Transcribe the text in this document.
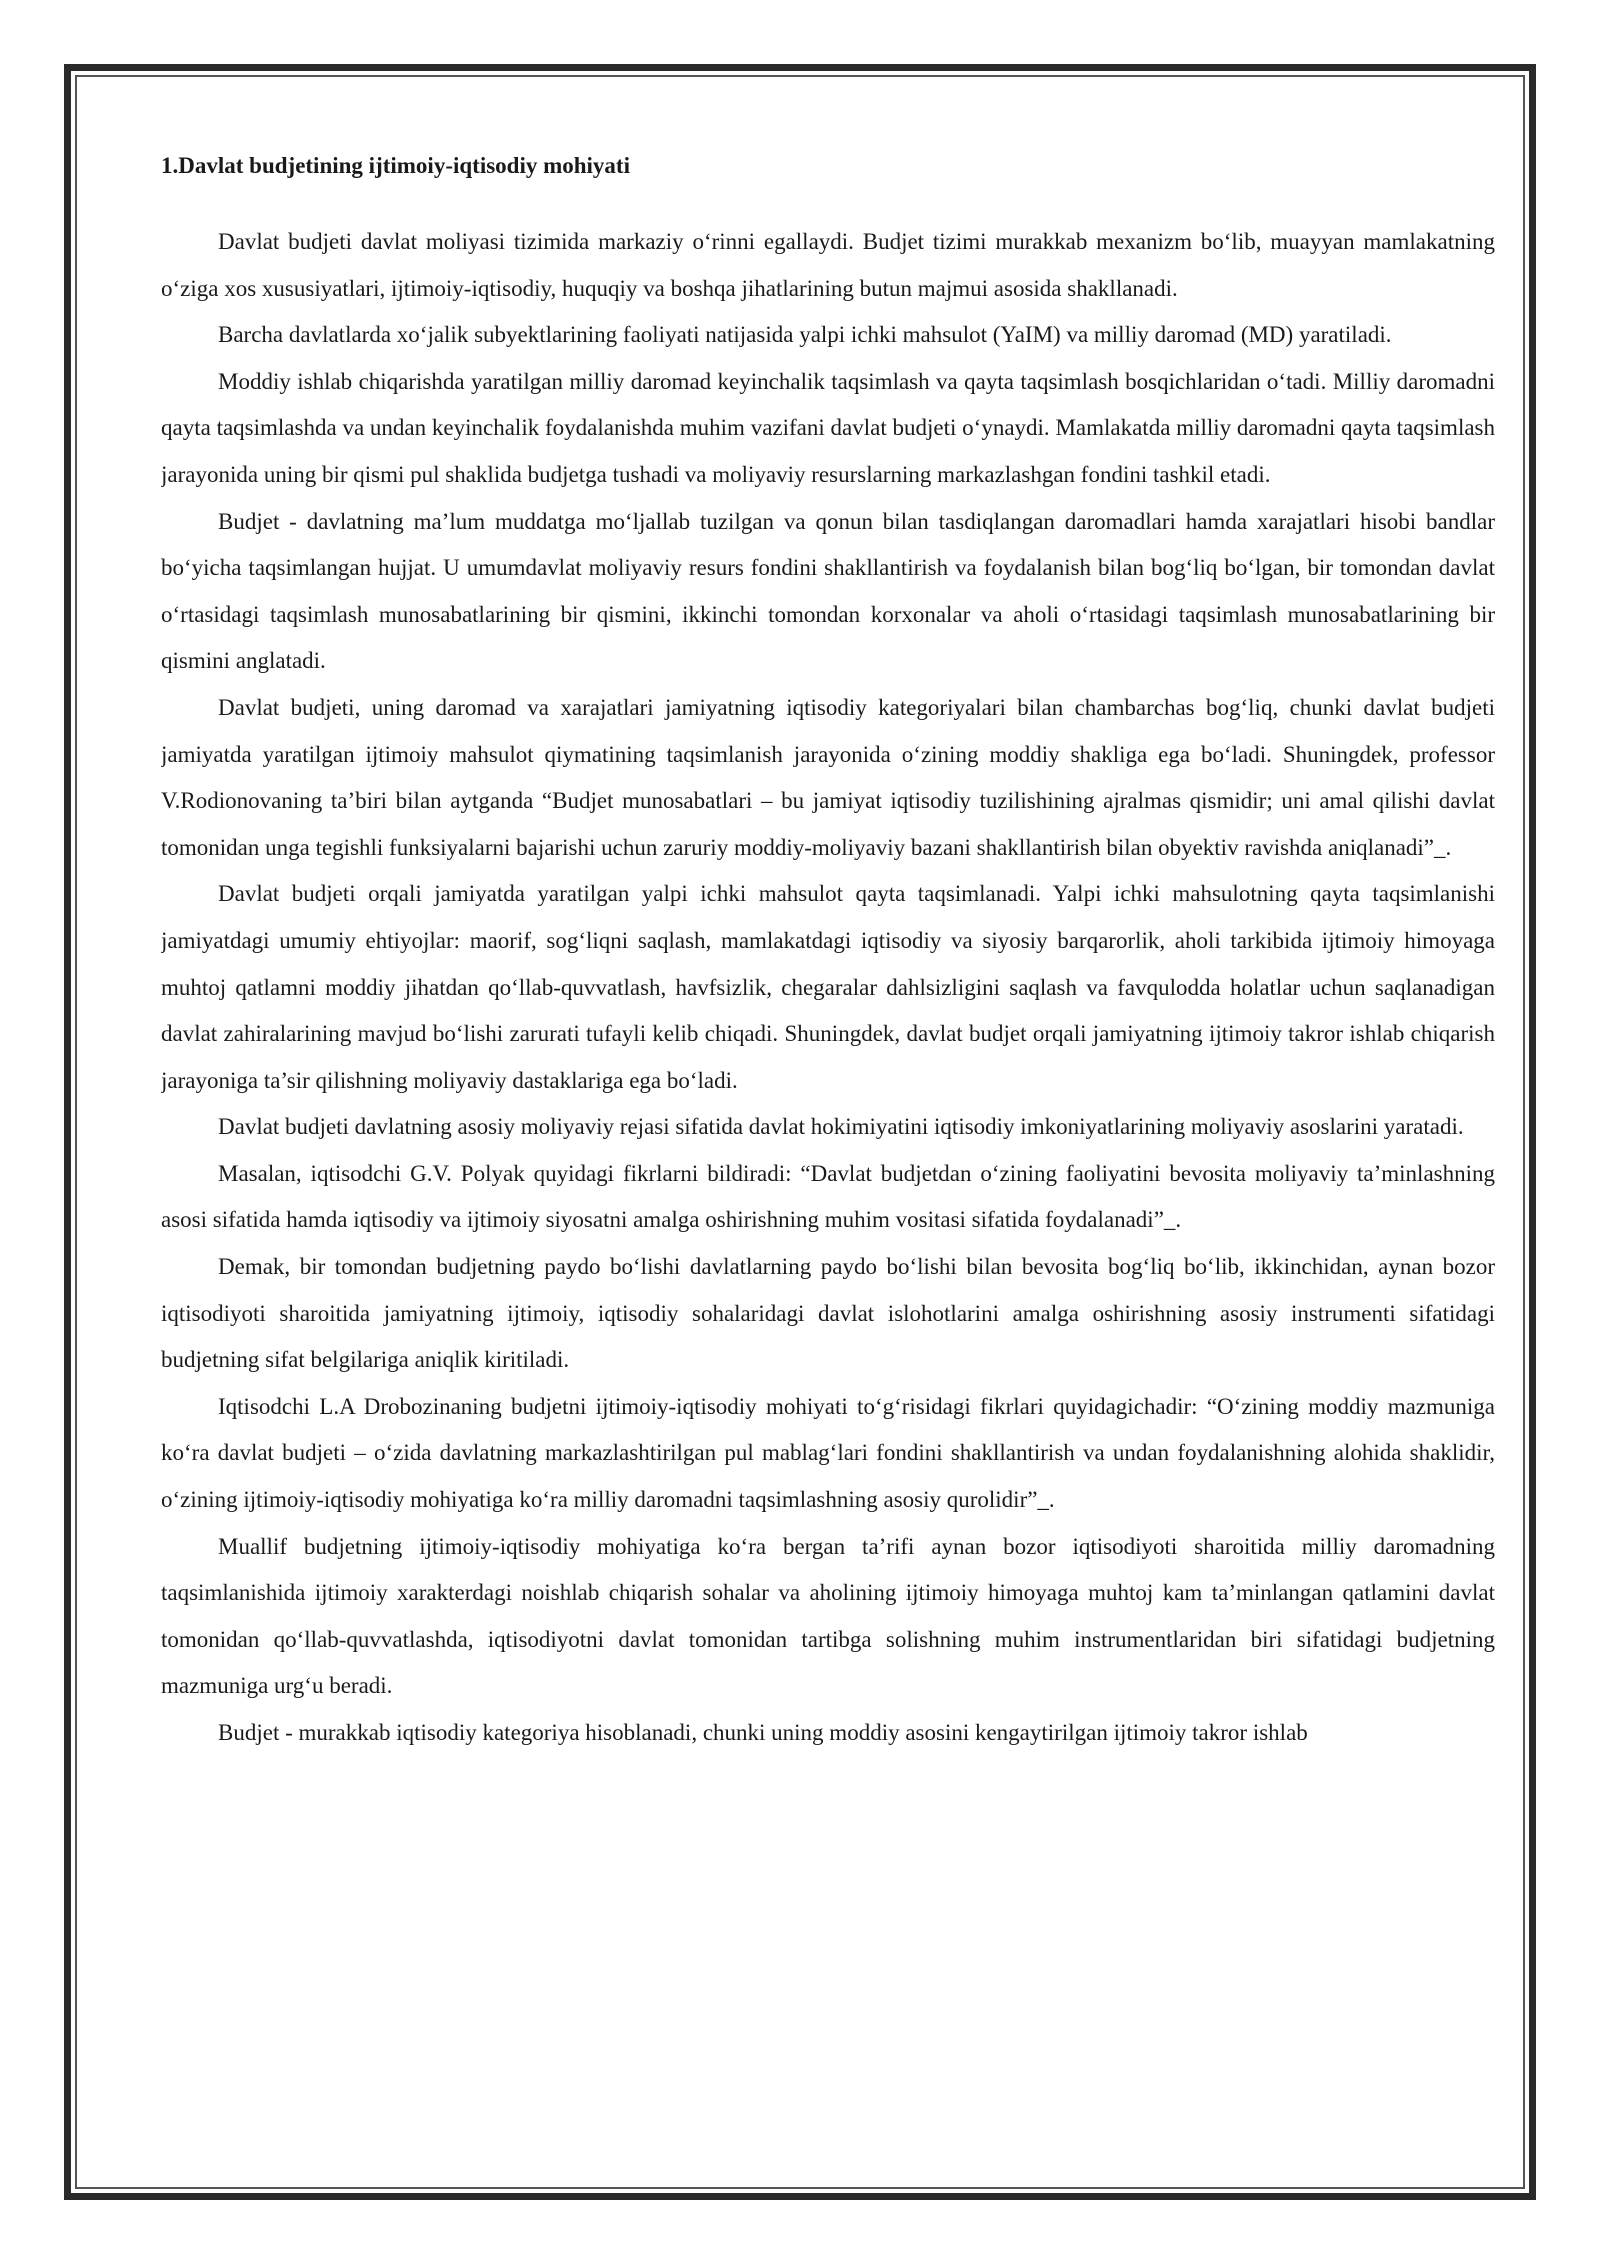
1.Davlat budjetining ijtimoiy-iqtisodiy mohiyati

Davlat budjeti davlat moliyasi tizimida markaziy o‘rinni egallaydi. Budjet tizimi murakkab mexanizm bo‘lib, muayyan mamlakatning o‘ziga xos xususiyatlari, ijtimoiy-iqtisodiy, huquqiy va boshqa jihatlarining butun majmui asosida shakllanadi.

Barcha davlatlarda xo‘jalik subyektlarining faoliyati natijasida yalpi ichki mahsulot (YaIM) va milliy daromad (MD) yaratiladi.

Moddiy ishlab chiqarishda yaratilgan milliy daromad keyinchalik taqsimlash va qayta taqsimlash bosqichlaridan o‘tadi. Milliy daromadni qayta taqsimlashda va undan keyinchalik foydalanishda muhim vazifani davlat budjeti o‘ynaydi. Mamlakatda milliy daromadni qayta taqsimlash jarayonida uning bir qismi pul shaklida budjetga tushadi va moliyaviy resurslarning markazlashgan fondini tashkil etadi.

Budjet - davlatning ma’lum muddatga mo‘ljallab tuzilgan va qonun bilan tasdiqlangan daromadlari hamda xarajatlari hisobi bandlar bo‘yicha taqsimlangan hujjat. U umumdavlat moliyaviy resurs fondini shakllantirish va foydalanish bilan bog‘liq bo‘lgan, bir tomondan davlat o‘rtasidagi taqsimlash munosabatlarining bir qismini, ikkinchi tomondan korxonalar va aholi o‘rtasidagi taqsimlash munosabatlarining bir qismini anglatadi.

Davlat budjeti, uning daromad va xarajatlari jamiyatning iqtisodiy kategoriyalari bilan chambarchas bog‘liq, chunki davlat budjeti jamiyatda yaratilgan ijtimoiy mahsulot qiymatining taqsimlanish jarayonida o‘zining moddiy shakliga ega bo‘ladi. Shuningdek, professor V.Rodionovaning ta’biri bilan aytganda “Budjet munosabatlari – bu jamiyat iqtisodiy tuzilishining ajralmas qismidir; uni amal qilishi davlat tomonidan unga tegishli funksiyalarni bajarishi uchun zaruriy moddiy-moliyaviy bazani shakllantirish bilan obyektiv ravishda aniqlanadi”_.

Davlat budjeti orqali jamiyatda yaratilgan yalpi ichki mahsulot qayta taqsimlanadi. Yalpi ichki mahsulotning qayta taqsimlanishi jamiyatdagi umumiy ehtiyojlar: maorif, sog‘liqni saqlash, mamlakatdagi iqtisodiy va siyosiy barqarorlik, aholi tarkibida ijtimoiy himoyaga muhtoj qatlamni moddiy jihatdan qo‘llab-quvvatlash, havfsizlik, chegaralar dahlsizligini saqlash va favqulodda holatlar uchun saqlanadigan davlat zahiralarining mavjud bo‘lishi zarurati tufayli kelib chiqadi. Shuningdek, davlat budjet orqali jamiyatning ijtimoiy takror ishlab chiqarish jarayoniga ta’sir qilishning moliyaviy dastaklariga ega bo‘ladi.

Davlat budjeti davlatning asosiy moliyaviy rejasi sifatida davlat hokimiyatini iqtisodiy imkoniyatlarining moliyaviy asoslarini yaratadi.

Masalan, iqtisodchi G.V. Polyak quyidagi fikrlarni bildiradi: “Davlat budjetdan o‘zining faoliyatini bevosita moliyaviy ta’minlashning asosi sifatida hamda iqtisodiy va ijtimoiy siyosatni amalga oshirishning muhim vositasi sifatida foydalanadi”_.

Demak, bir tomondan budjetning paydo bo‘lishi davlatlarning paydo bo‘lishi bilan bevosita bog‘liq bo‘lib, ikkinchidan, aynan bozor iqtisodiyoti sharoitida jamiyatning ijtimoiy, iqtisodiy sohalaridagi davlat islohotlarini amalga oshirishning asosiy instrumenti sifatidagi budjetning sifat belgilariga aniqlik kiritiladi.

Iqtisodchi L.A Drobozinaning budjetni ijtimoiy-iqtisodiy mohiyati to‘g‘risidagi fikrlari quyidagichadir: “O‘zining moddiy mazmuniga ko‘ra davlat budjeti – o‘zida davlatning markazlashtirilgan pul mablag‘lari fondini shakllantirish va undan foydalanishning alohida shaklidir, o‘zining ijtimoiy-iqtisodiy mohiyatiga ko‘ra milliy daromadni taqsimlashning asosiy qurolidir”_.

Muallif budjetning ijtimoiy-iqtisodiy mohiyatiga ko‘ra bergan ta’rifi aynan bozor iqtisodiyoti sharoitida milliy daromadning taqsimlanishida ijtimoiy xarakterdagi noishlab chiqarish sohalar va aholining ijtimoiy himoyaga muhtoj kam ta’minlangan qatlamini davlat tomonidan qo‘llab-quvvatlashda, iqtisodiyotni davlat tomonidan tartibga solishning muhim instrumentlaridan biri sifatidagi budjetning mazmuniga urg‘u beradi.

Budjet - murakkab iqtisodiy kategoriya hisoblanadi, chunki uning moddiy asosini kengaytirilgan ijtimoiy takror ishlab
